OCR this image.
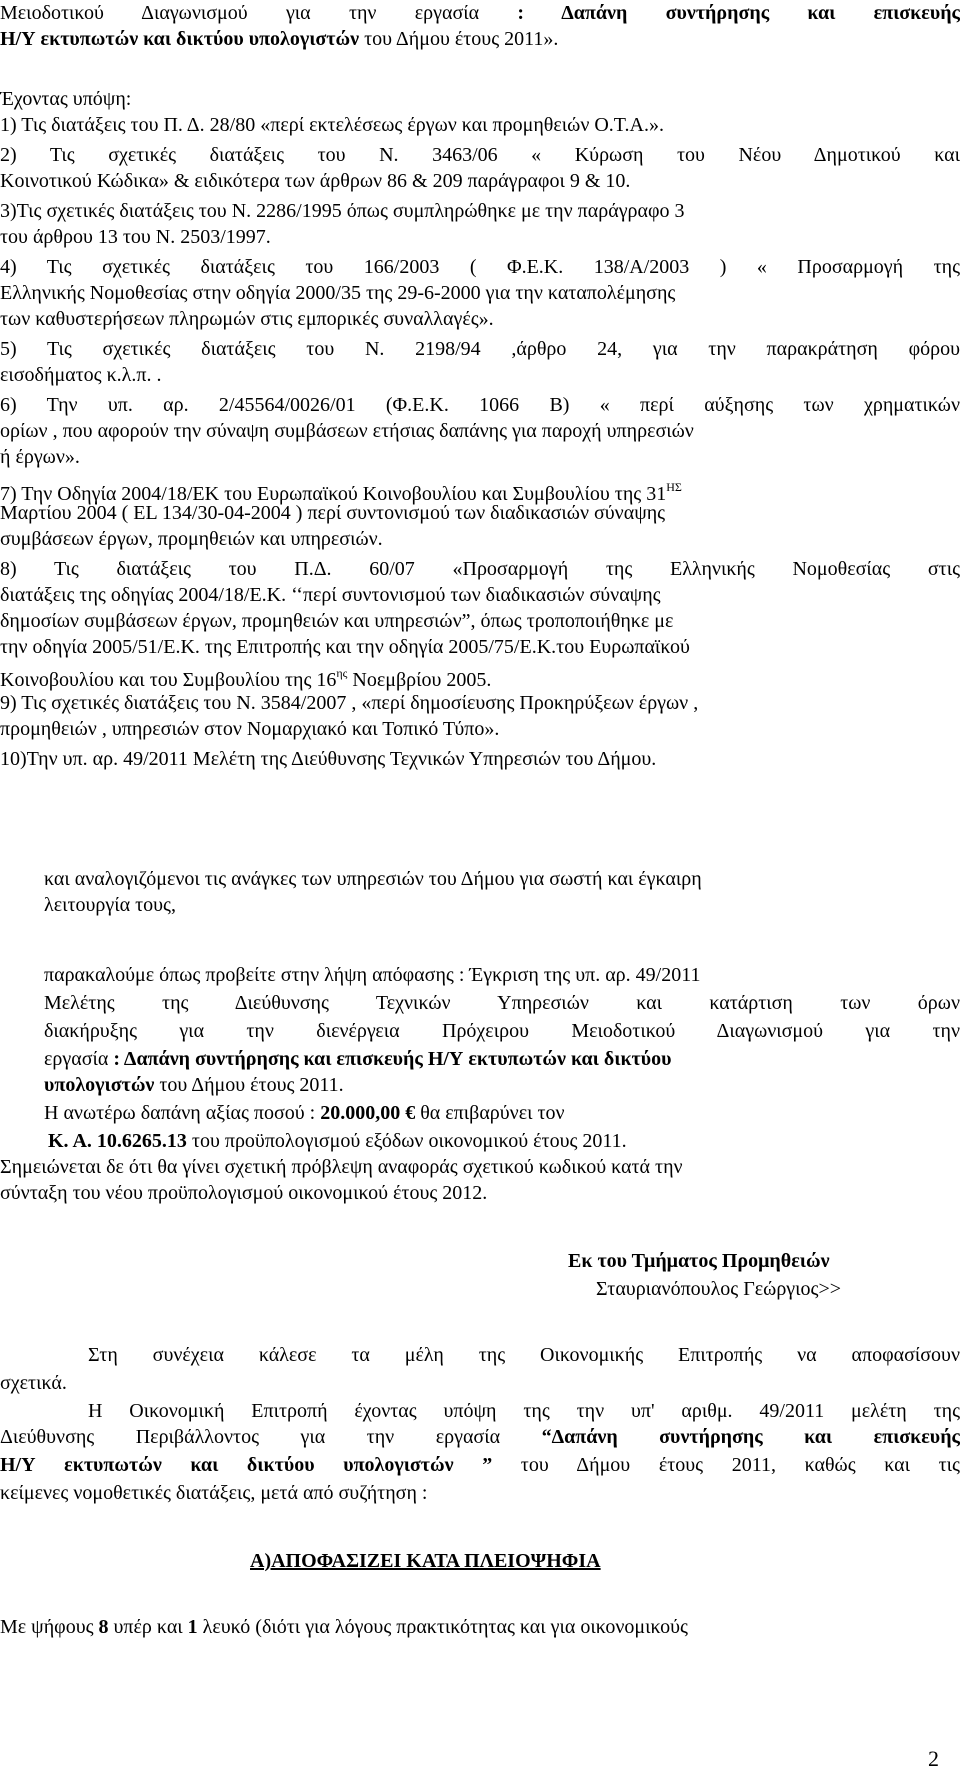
Μειοδοτικού Διαγωνισμού για την εργασία : Δαπάνη συντήρησης και επισκευής
Η/Υ εκτυπωτών και δικτύου υπολογιστών του Δήμου έτους 2011».
Έχοντας υπόψη:
1) Τις διατάξεις του Π. Δ. 28/80 «περί εκτελέσεως έργων και προμηθειών Ο.Τ.Α.».
2) Τις σχετικές διατάξεις του Ν. 3463/06 « Κύρωση του Νέου Δημοτικού και
Κοινοτικού Κώδικα» & ειδικότερα των άρθρων 86 & 209 παράγραφοι 9 & 10.
3)Τις σχετικές διατάξεις του Ν. 2286/1995 όπως συμπληρώθηκε με την παράγραφο 3
του άρθρου 13 του Ν. 2503/1997.
4) Τις σχετικές διατάξεις του 166/2003 ( Φ.Ε.Κ. 138/Α/2003 ) « Προσαρμογή της
Ελληνικής Νομοθεσίας στην οδηγία 2000/35 της 29-6-2000 για την καταπολέμησης
των καθυστερήσεων πληρωμών στις εμπορικές συναλλαγές».
5) Τις σχετικές διατάξεις του Ν. 2198/94 ,άρθρο 24, για την παρακράτηση φόρου
εισοδήματος κ.λ.π. .
6) Την υπ. αρ. 2/45564/0026/01 (Φ.Ε.Κ. 1066 Β) « περί αύξησης των χρηματικών
ορίων , που αφορούν την σύναψη συμβάσεων ετήσιας δαπάνης για παροχή υπηρεσιών
ή έργων».
7) Την Οδηγία 2004/18/ΕΚ του Ευρωπαϊκού Κοινοβουλίου και Συμβουλίου της $31^{H\Sigma}$
Μαρτίου 2004 ( EL 134/30-04-2004 ) περί συντονισμού των διαδικασιών σύναψης
συμβάσεων έργων, προμηθειών και υπηρεσιών.
8) Τις διατάξεις του Π.Δ. 60/07 «Προσαρμογή της Ελληνικής Νομοθεσίας στις
διατάξεις της οδηγίας 2004/18/Ε.Κ. ‘‘περί συντονισμού των διαδικασιών σύναψης
δημοσίων συμβάσεων έργων, προμηθειών και υπηρεσιών”, όπως τροποποιήθηκε με
την οδηγία 2005/51/Ε.Κ. της Επιτροπής και την οδηγία 2005/75/Ε.Κ.του Ευρωπαϊκού
Κοινοβουλίου και του Συμβουλίου της $16^{\eta\varsigma}$ Νοεμβρίου 2005.
9) Τις σχετικές διατάξεις του Ν. 3584/2007 , «περί δημοσίευσης Προκηρύξεων έργων ,
προμηθειών , υπηρεσιών στον Νομαρχιακό και Τοπικό Τύπο».
10)Την υπ. αρ. 49/2011 Μελέτη της Διεύθυνσης Τεχνικών Υπηρεσιών του Δήμου.
και αναλογιζόμενοι τις ανάγκες των υπηρεσιών του Δήμου για σωστή και έγκαιρη
λειτουργία τους,
παρακαλούμε όπως προβείτε στην λήψη απόφασης : Έγκριση της υπ. αρ. 49/2011
Μελέτης της Διεύθυνσης Τεχνικών Υπηρεσιών και κατάρτιση των όρων
διακήρυξης για την διενέργεια Πρόχειρου Μειοδοτικού Διαγωνισμού για την
εργασία : Δαπάνη συντήρησης και επισκευής Η/Υ εκτυπωτών και δικτύου
υπολογιστών του Δήμου έτους 2011.
Η ανωτέρω δαπάνη αξίας ποσού : 20.000,00 € θα επιβαρύνει τον
Κ. Α. 10.6265.13 του προϋπολογισμού εξόδων οικονομικού έτους 2011.
Σημειώνεται δε ότι θα γίνει σχετική πρόβλεψη αναφοράς σχετικού κωδικού κατά την
σύνταξη του νέου προϋπολογισμού οικονομικού έτους 2012.
Εκ του Τμήματος Προμηθειών
Σταυριανόπουλος Γεώργιος>>
Στη συνέχεια κάλεσε τα μέλη της Οικονομικής Επιτροπής να αποφασίσουν
σχετικά.
Η Οικονομική Επιτροπή έχοντας υπόψη της την υπ' αριθμ. 49/2011 μελέτη της
Διεύθυνσης Περιβάλλοντος για την εργασία “Δαπάνη συντήρησης και επισκευής
Η/Υ εκτυπωτών και δικτύου υπολογιστών ” του Δήμου έτους 2011, καθώς και τις
κείμενες νομοθετικές διατάξεις, μετά από συζήτηση :
Α)ΑΠΟΦΑΣΙΖΕΙ ΚΑΤΑ ΠΛΕΙΟΨΗΦΙΑ
Με ψήφους 8 υπέρ και 1 λευκό (διότι για λόγους πρακτικότητας και για οικονομικούς
2
